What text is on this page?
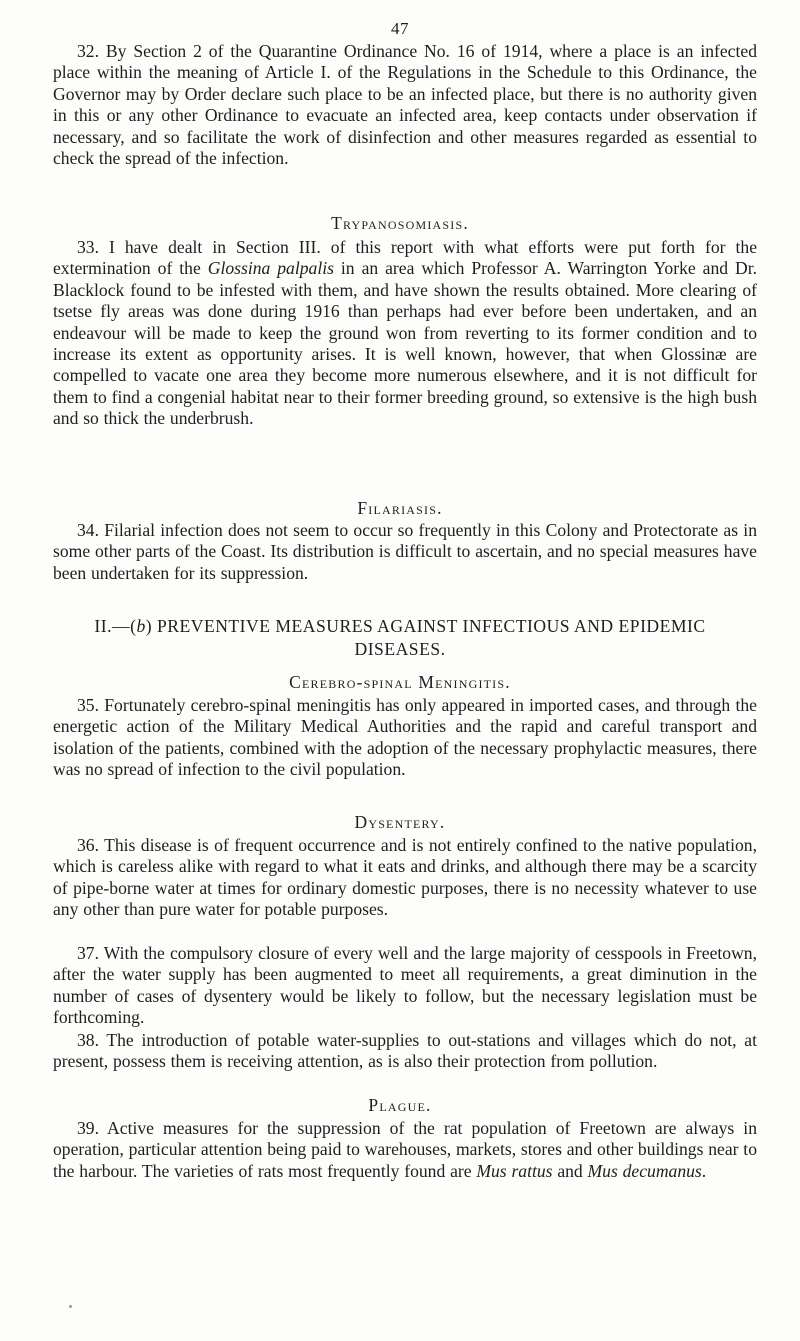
47

32. By Section 2 of the Quarantine Ordinance No. 16 of 1914, where a place is an infected place within the meaning of Article I. of the Regulations in the Schedule to this Ordinance, the Governor may by Order declare such place to be an infected place, but there is no authority given in this or any other Ordinance to evacuate an infected area, keep contacts under observation if necessary, and so facilitate the work of disinfection and other measures regarded as essential to check the spread of the infection.

Trypanosomiasis.

33. I have dealt in Section III. of this report with what efforts were put forth for the extermination of the Glossina palpalis in an area which Professor A. Warrington Yorke and Dr. Blacklock found to be infested with them, and have shown the results obtained. More clearing of tsetse fly areas was done during 1916 than perhaps had ever before been undertaken, and an endeavour will be made to keep the ground won from reverting to its former condition and to increase its extent as opportunity arises. It is well known, however, that when Glossinæ are compelled to vacate one area they become more numerous elsewhere, and it is not difficult for them to find a congenial habitat near to their former breeding ground, so extensive is the high bush and so thick the underbrush.

Filariasis.

34. Filarial infection does not seem to occur so frequently in this Colony and Protectorate as in some other parts of the Coast. Its distribution is difficult to ascertain, and no special measures have been undertaken for its suppression.

II.—(b) PREVENTIVE MEASURES AGAINST INFECTIOUS AND EPIDEMIC DISEASES.
Cerebro-spinal Meningitis.

35. Fortunately cerebro-spinal meningitis has only appeared in imported cases, and through the energetic action of the Military Medical Authorities and the rapid and careful transport and isolation of the patients, combined with the adoption of the necessary prophylactic measures, there was no spread of infection to the civil population.

Dysentery.

36. This disease is of frequent occurrence and is not entirely confined to the native population, which is careless alike with regard to what it eats and drinks, and although there may be a scarcity of pipe-borne water at times for ordinary domestic purposes, there is no necessity whatever to use any other than pure water for potable purposes.

37. With the compulsory closure of every well and the large majority of cesspools in Freetown, after the water supply has been augmented to meet all requirements, a great diminution in the number of cases of dysentery would be likely to follow, but the necessary legislation must be forthcoming.

38. The introduction of potable water-supplies to out-stations and villages which do not, at present, possess them is receiving attention, as is also their protection from pollution.

Plague.

39. Active measures for the suppression of the rat population of Freetown are always in operation, particular attention being paid to warehouses, markets, stores and other buildings near to the harbour. The varieties of rats most frequently found are Mus rattus and Mus decumanus.
